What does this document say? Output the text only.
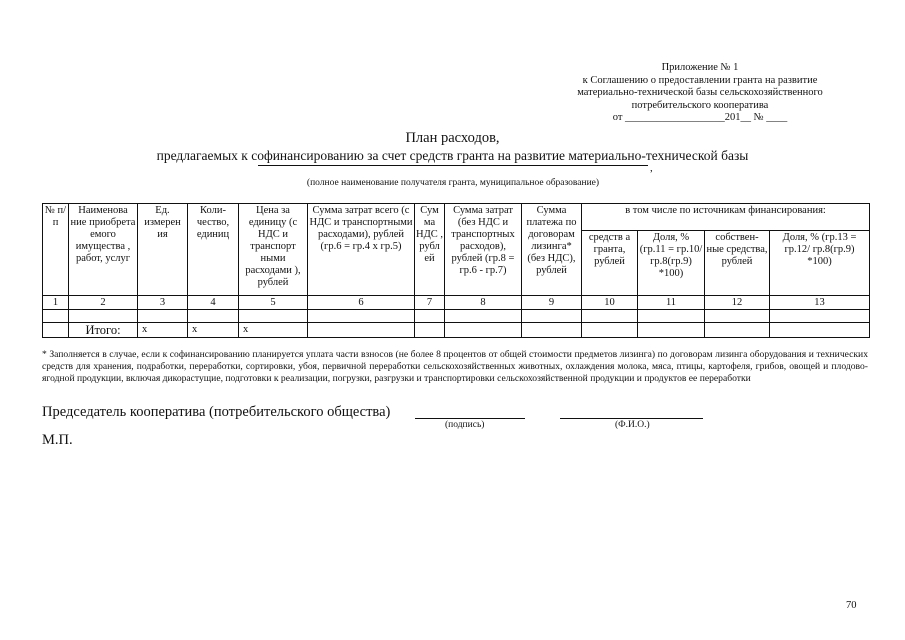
Приложение № 1
к Соглашению о предоставлении гранта на развитие
материально-технической базы сельскохозяйственного
потребительского кооператива
от ___________________201__ № ____
План расходов,
предлагаемых к софинансированию за счет средств гранта на развитие материально-технической базы
,
(полное наименование получателя гранта, муниципальное образование)
№ п/п	Наименова ние приобрета емого имущества , работ, услуг	Ед. измерен ия	Коли- чество, единиц	Цена за единицу (с НДС и транспорт ными расходами ), рублей	Сумма затрат всего (с НДС и транспортными расходами), рублей (гр.6 = гр.4 х гр.5)	Сум ма НДС , рубл ей	Сумма затрат (без НДС и транспортных расходов), рублей (гр.8 = гр.6 - гр.7)	Сумма платежа по договорам лизинга* (без НДС), рублей	в том числе по источникам финансирования:			
									средств а гранта, рублей	Доля, % (гр.11 = гр.10/ гр.8(гр.9) *100)	собствен- ные средства, рублей	Доля, % (гр.13 = гр.12/ гр.8(гр.9) *100)
1	2	3	4	5	6	7	8	9	10	11	12	13

	Итого:	х	х	х								
* Заполняется в случае, если к софинансированию планируется уплата части взносов (не более 8 процентов от общей стоимости предметов лизинга) по договорам лизинга оборудования и технических средств для хранения, подработки, переработки, сортировки, убоя, первичной переработки сельскохозяйственных животных, охлаждения молока, мяса, птицы, картофеля, грибов, овощей и плодово-ягодной продукции, включая дикорастущие, подготовки к реализации, погрузки, разгрузки и транспортировки сельскохозяйственной продукции и продуктов ее переработки
Председатель кооператива (потребительского общества)
(подпись)	(Ф.И.О.)
М.П.
70
